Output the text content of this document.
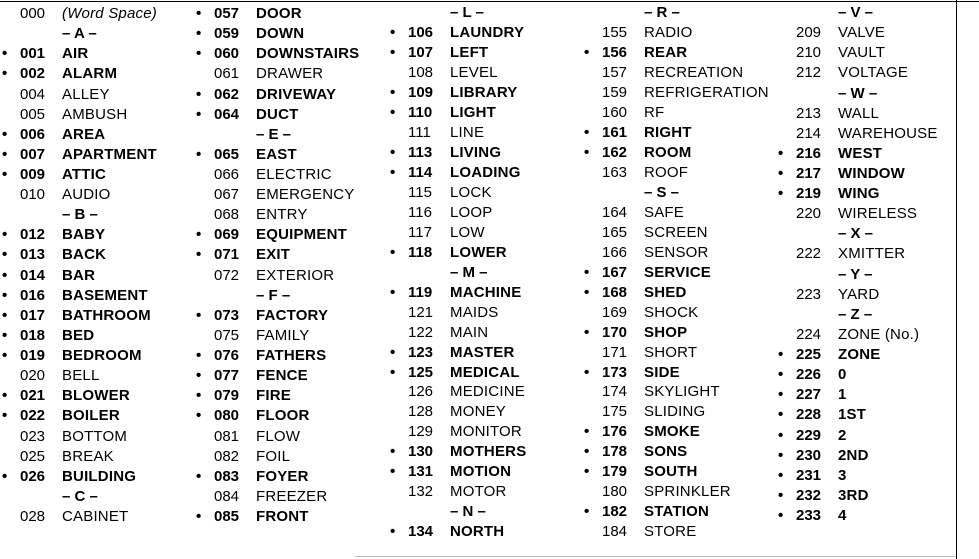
000 (Word Space)
– A –
• 001 AIR
• 002 ALARM
004 ALLEY
005 AMBUSH
• 006 AREA
• 007 APARTMENT
• 009 ATTIC
010 AUDIO
– B –
• 012 BABY
• 013 BACK
• 014 BAR
• 016 BASEMENT
• 017 BATHROOM
• 018 BED
• 019 BEDROOM
020 BELL
• 021 BLOWER
• 022 BOILER
023 BOTTOM
025 BREAK
• 026 BUILDING
– C –
028 CABINET
• 057 DOOR
• 059 DOWN
• 060 DOWNSTAIRS
061 DRAWER
• 062 DRIVEWAY
• 064 DUCT
– E –
• 065 EAST
066 ELECTRIC
067 EMERGENCY
068 ENTRY
• 069 EQUIPMENT
• 071 EXIT
072 EXTERIOR
– F –
• 073 FACTORY
075 FAMILY
• 076 FATHERS
• 077 FENCE
• 079 FIRE
• 080 FLOOR
081 FLOW
082 FOIL
• 083 FOYER
084 FREEZER
• 085 FRONT
– L –
• 106 LAUNDRY
• 107 LEFT
108 LEVEL
• 109 LIBRARY
• 110 LIGHT
111 LINE
• 113 LIVING
• 114 LOADING
115 LOCK
116 LOOP
117 LOW
• 118 LOWER
– M –
• 119 MACHINE
121 MAIDS
122 MAIN
• 123 MASTER
• 125 MEDICAL
126 MEDICINE
128 MONEY
129 MONITOR
• 130 MOTHERS
• 131 MOTION
132 MOTOR
– N –
• 134 NORTH
– R –
155 RADIO
• 156 REAR
157 RECREATION
159 REFRIGERATION
160 RF
• 161 RIGHT
• 162 ROOM
163 ROOF
– S –
164 SAFE
165 SCREEN
166 SENSOR
• 167 SERVICE
• 168 SHED
169 SHOCK
• 170 SHOP
171 SHORT
• 173 SIDE
174 SKYLIGHT
175 SLIDING
• 176 SMOKE
• 178 SONS
• 179 SOUTH
180 SPRINKLER
• 182 STATION
184 STORE
– V –
209 VALVE
210 VAULT
212 VOLTAGE
– W –
213 WALL
214 WAREHOUSE
• 216 WEST
• 217 WINDOW
• 219 WING
220 WIRELESS
– X –
222 XMITTER
– Y –
223 YARD
– Z –
224 ZONE (No.)
• 225 ZONE
• 226 0
• 227 1
• 228 1ST
• 229 2
• 230 2ND
• 231 3
• 232 3RD
• 233 4
